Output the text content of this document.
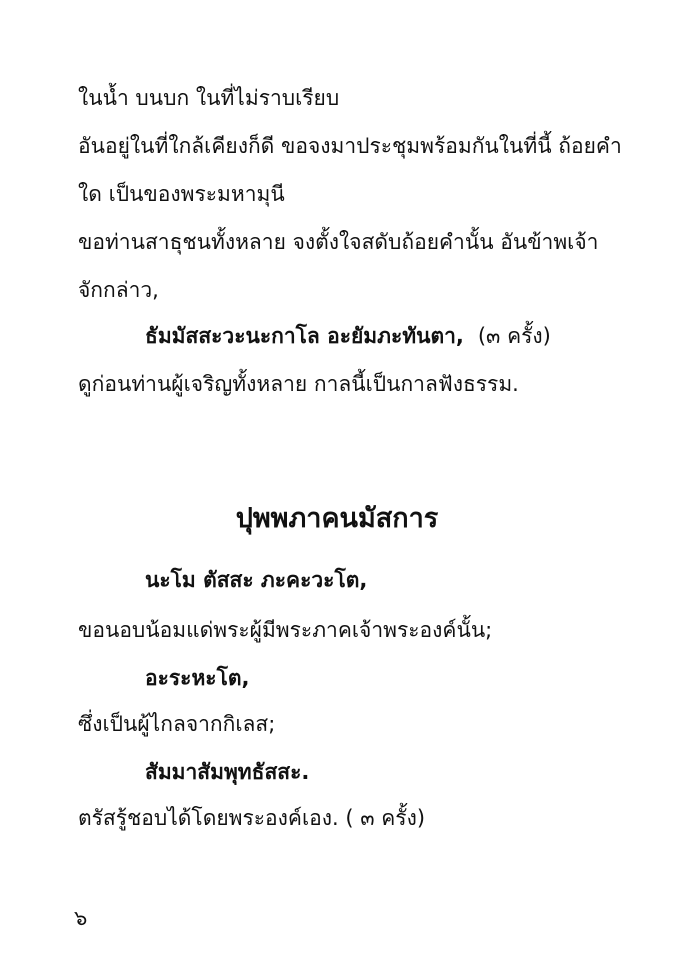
ในน้ำ บนบก ในที่ไม่ราบเรียบ
อันอยู่ในที่ใกล้เคียงก็ดี ขอจงมาประชุมพร้อมกันในที่นี้ ถ้อยคำ
ใด เป็นของพระมหามุนี
ขอท่านสาธุชนทั้งหลาย จงตั้งใจสดับถ้อยคำนั้น อันข้าพเจ้า
จักกล่าว,
ธัมมัสสะวะนะกาโล อะยัมภะทันตา, (๓ ครั้ง)
ดูก่อนท่านผู้เจริญทั้งหลาย กาลนี้เป็นกาลฟังธรรม.
ปุพพภาคนมัสการ
นะโม ตัสสะ ภะคะวะโต,
ขอนอบน้อมแด่พระผู้มีพระภาคเจ้าพระองค์นั้น;
อะระหะโต,
ซึ่งเป็นผู้ไกลจากกิเลส;
สัมมาสัมพุทธัสสะ.
ตรัสรู้ชอบได้โดยพระองค์เอง. ( ๓ ครั้ง)
๖
